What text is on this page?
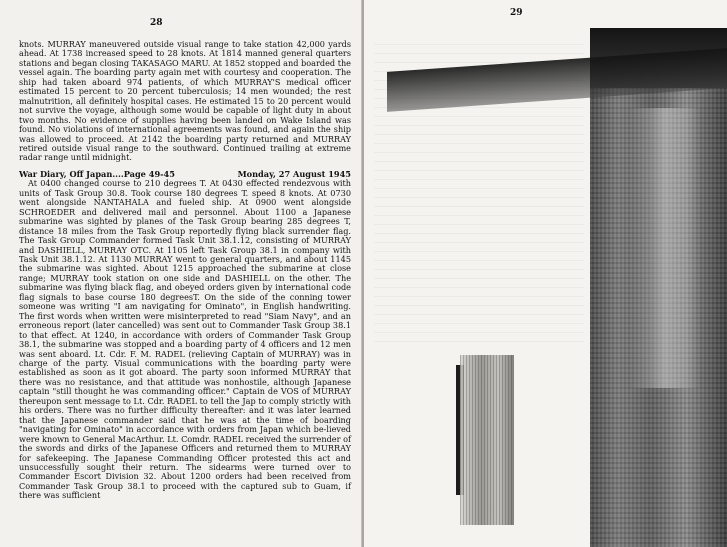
28

knots. MURRAY maneuvered outside visual range to take station 42,000 yards ahead. At 1738 increased speed to 28 knots. At 1814 manned general quarters stations and began closing TAKASAGO MARU. At 1852 stopped and boarded the vessel again. The boarding party again met with courtesy and cooperation. The ship had taken aboard 974 patients, of which MURRAY'S medical officer estimated 15 percent to 20 percent tuberculosis; 14 men wounded; the rest malnutrition, all definitely hospital cases. He estimated 15 to 20 percent would not survive the voyage, although some would be capable of light duty in about two months. No evidence of supplies having been landed on Wake Island was found. No violations of international agreements was found, and again the ship was allowed to proceed. At 2142 the boarding party returned and MURRAY retired outside visual range to the southward. Continued trailing at extreme radar range until midnight.

War Diary, Off Japan....Page 49-45	Monday, 27 August 1945

At 0400 changed course to 210 degrees T. At 0430 effected rendezvous with units of Task Group 30.8. Took course 180 degrees T. speed 8 knots. At 0730 went alongside NANTAHALA and fueled ship. At 0900 went alongside SCHROEDER and delivered mail and personnel. About 1100 a Japanese submarine was sighted by planes of the Task Group bearing 285 degrees T, distance 18 miles from the Task Group reportedly flying black surrender flag. The Task Group Commander formed Task Unit 38.1.12, consisting of MURRAY and DASHIELL, MURRAY OTC. At 1105 left Task Group 38.1 in company with Task Unit 38.1.12. At 1130 MURRAY went to general quarters, and about 1145 the submarine was sighted. About 1215 approached the submarine at close range; MURRAY took station on one side and DASHIELL on the other. The submarine was flying black flag, and obeyed orders given by international code flag signals to base course 180 degreesT. On the side of the conning tower someone was writing "I am navigating for Ominato", in English handwriting. The first words when written were misinterpreted to read "Siam Navy", and an erroneous report (later cancelled) was sent out to Commander Task Group 38.1 to that effect. At 1240, in accordance with orders of Commander Task Group 38.1, the submarine was stopped and a boarding party of 4 officers and 12 men was sent aboard. Lt. Cdr. F. M. RADEL (relieving Captain of MURRAY) was in charge of the party. Visual communications with the boarding party were established as soon as it got aboard. The party soon informed MURRAY that there was no resistance, and that attitude was nonhostile, although Japanese captain "still thought he was commanding officer." Captain de VOS of MURRAY thereupon sent message to Lt. Cdr. RADEL to tell the Jap to comply strictly with his orders. There was no further difficulty thereafter: and it was later learned that the Japanese commander said that he was at the time of boarding "navigating for Ominato" in accordance with orders from Japan which be-lieved were known to General MacArthur. Lt. Comdr. RADEL received the surrender of the swords and dirks of the Japanese Officers and returned them to MURRAY for safekeeping. The Japanese Commanding Officer protested this act and unsuccessfully sought their return. The sidearms were turned over to Commander Escort Division 32. About 1200 orders had been received from Commander Task Group 38.1 to proceed with the captured sub to Guam, if there was sufficient

29
